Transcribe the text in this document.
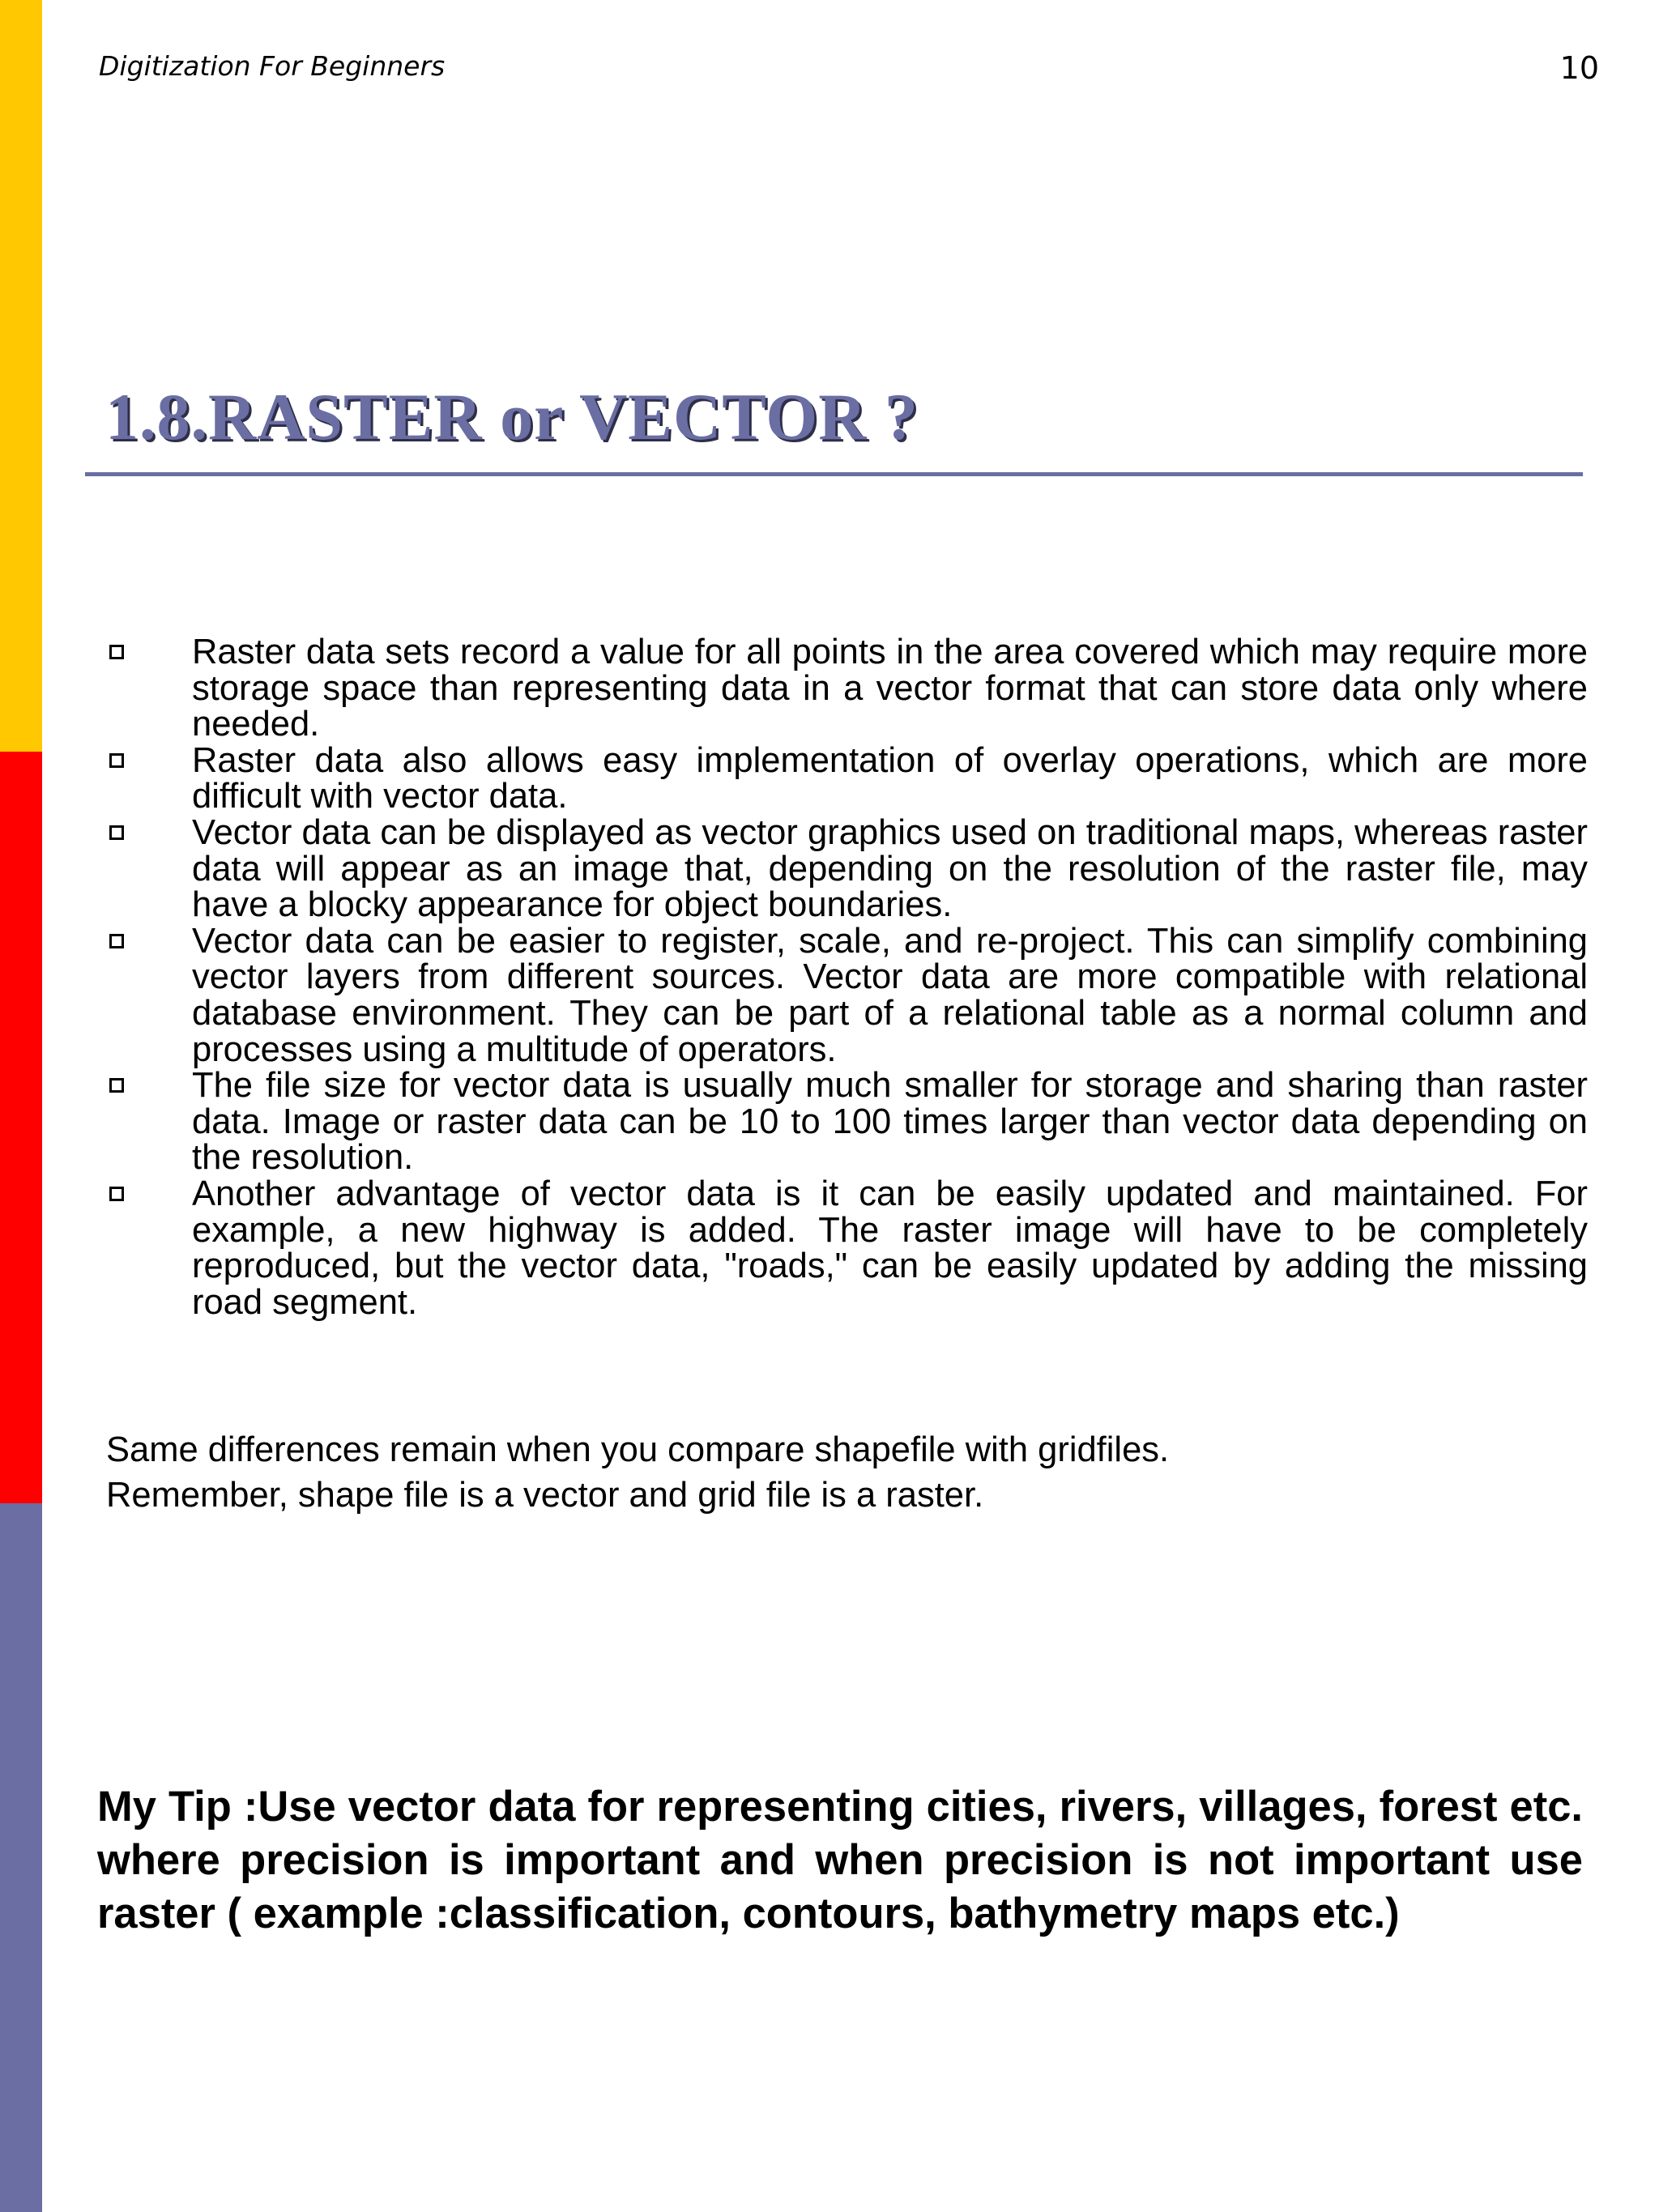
Digitization For Beginners	10
1.8.RASTER or VECTOR ?
Raster data sets record a value for all points in the area covered which may require more storage space than representing data in a vector format that can store data only where needed.
Raster data also allows easy implementation of overlay operations, which are more difficult with vector data.
Vector data can be displayed as vector graphics used on traditional maps, whereas raster data will appear as an image that, depending on the resolution of the raster file, may have a blocky appearance for object boundaries.
Vector data can be easier to register, scale, and re-project. This can simplify combining vector layers from different sources. Vector data are more compatible with relational database environment. They can be part of a relational table as a normal column and processes using a multitude of operators.
The file size for vector data is usually much smaller for storage and sharing than raster data. Image or raster data can be 10 to 100 times larger than vector data depending on the resolution.
Another advantage of vector data is it can be easily updated and maintained. For example, a new highway is added. The raster image will have to be completely reproduced, but the vector data, "roads," can be easily updated by adding the missing road segment.
Same differences remain when you compare shapefile with gridfiles.
Remember, shape file is a vector and grid file is a raster.
My Tip :Use vector data for representing cities, rivers, villages, forest etc. where precision is important and when precision is not important use raster ( example :classification, contours, bathymetry maps etc.)
